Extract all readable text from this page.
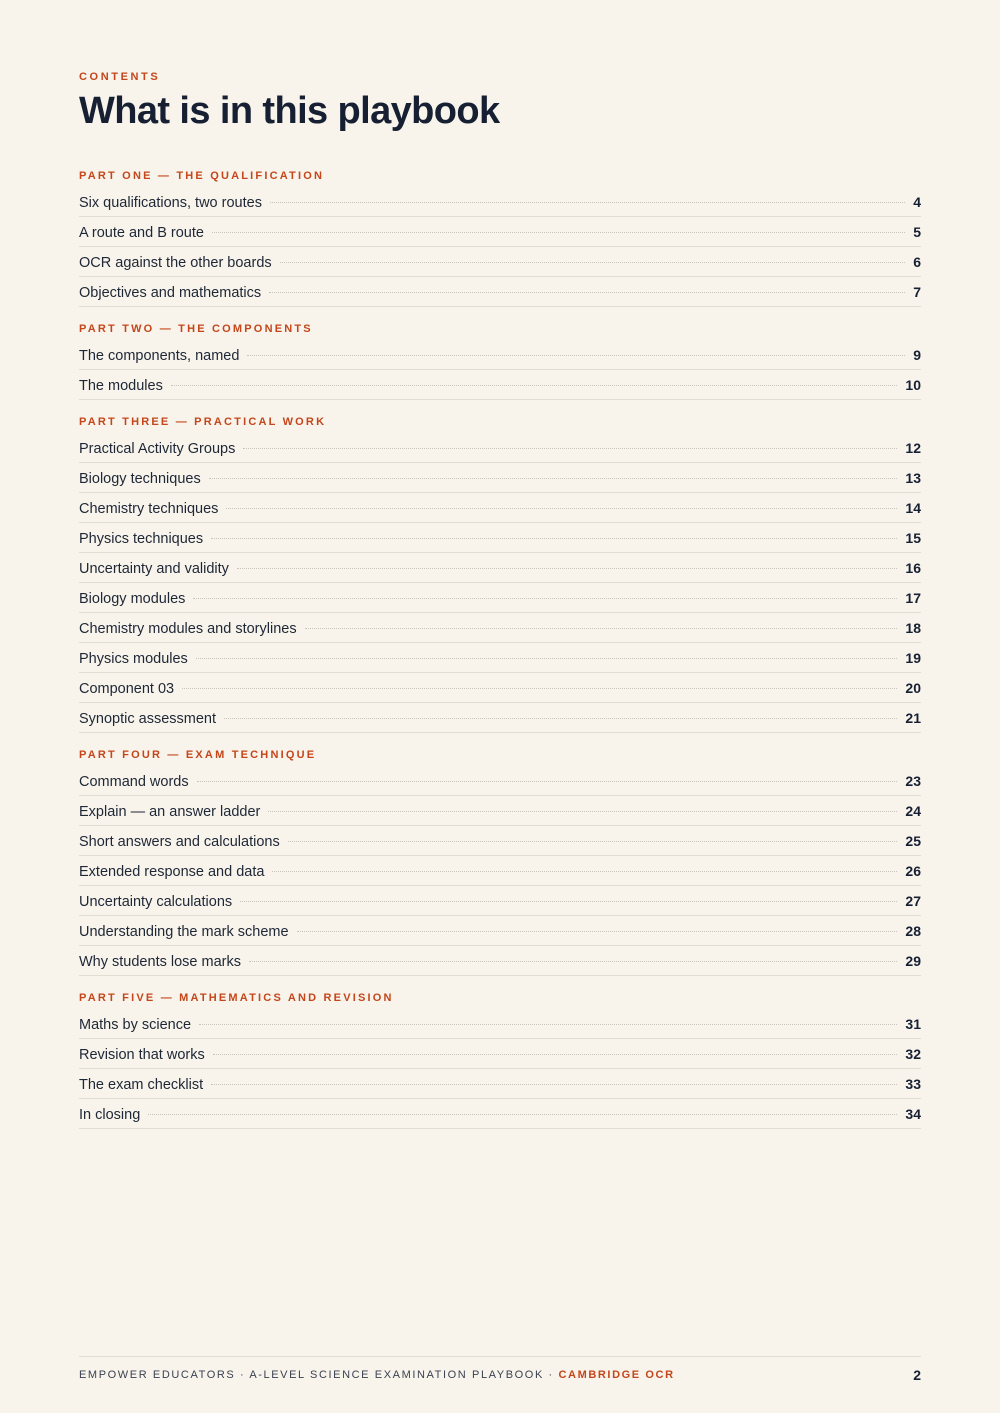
CONTENTS
What is in this playbook
PART ONE — THE QUALIFICATION
Six qualifications, two routes	4
A route and B route	5
OCR against the other boards	6
Objectives and mathematics	7
PART TWO — THE COMPONENTS
The components, named	9
The modules	10
PART THREE — PRACTICAL WORK
Practical Activity Groups	12
Biology techniques	13
Chemistry techniques	14
Physics techniques	15
Uncertainty and validity	16
Biology modules	17
Chemistry modules and storylines	18
Physics modules	19
Component 03	20
Synoptic assessment	21
PART FOUR — EXAM TECHNIQUE
Command words	23
Explain — an answer ladder	24
Short answers and calculations	25
Extended response and data	26
Uncertainty calculations	27
Understanding the mark scheme	28
Why students lose marks	29
PART FIVE — MATHEMATICS AND REVISION
Maths by science	31
Revision that works	32
The exam checklist	33
In closing	34
EMPOWER EDUCATORS · A-LEVEL SCIENCE EXAMINATION PLAYBOOK · CAMBRIDGE OCR	2
